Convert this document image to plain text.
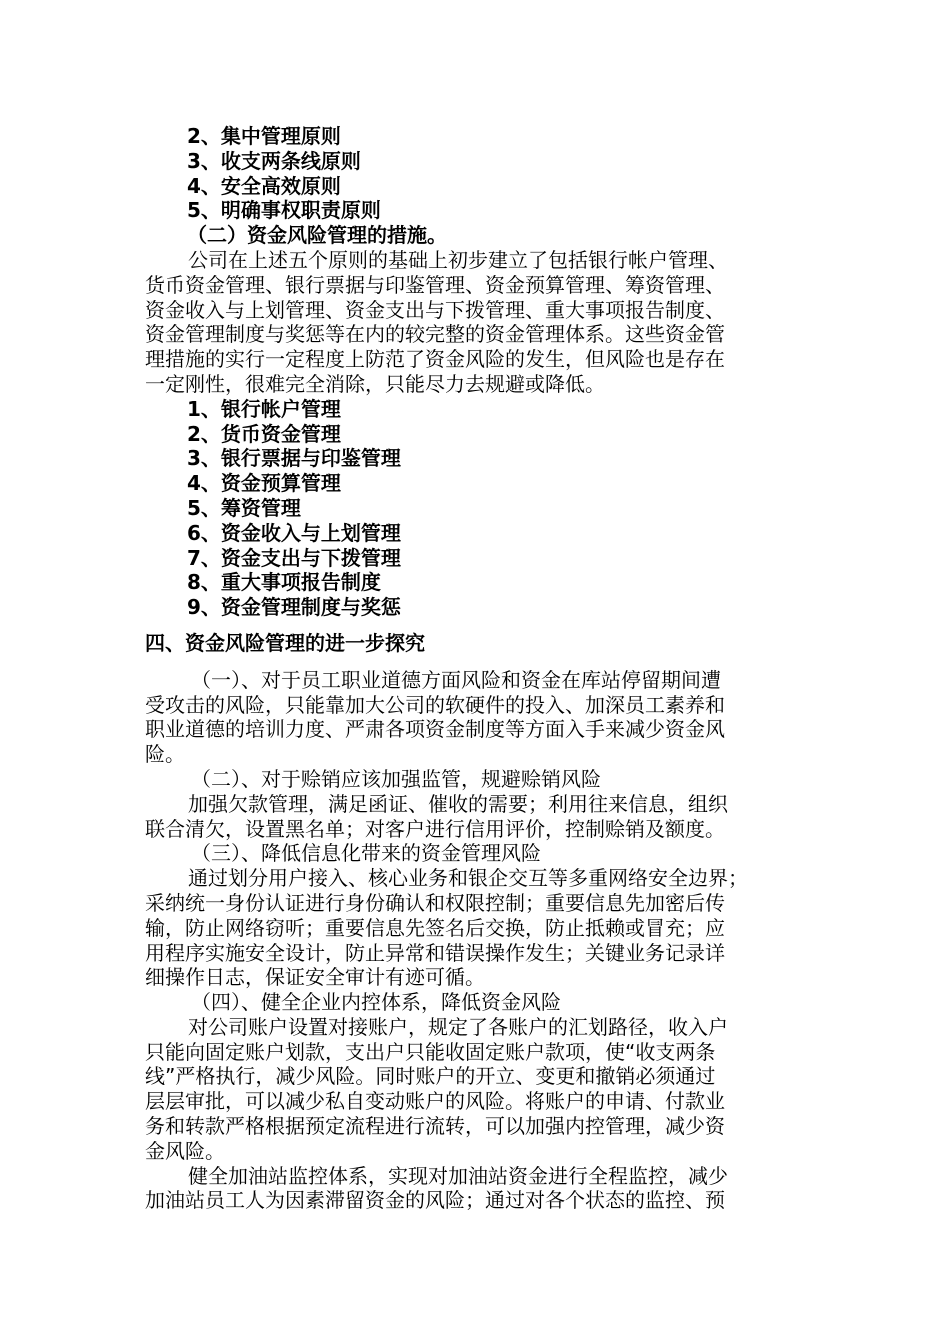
2、集中管理原则
3、收支两条线原则
4、安全高效原则
5、明确事权职责原则
（二）资金风险管理的措施。
公司在上述五个原则的基础上初步建立了包括银行帐户管理、
货币资金管理、银行票据与印鉴管理、资金预算管理、筹资管理、
资金收入与上划管理、资金支出与下拨管理、重大事项报告制度、
资金管理制度与奖惩等在内的较完整的资金管理体系。这些资金管
理措施的实行一定程度上防范了资金风险的发生，但风险也是存在
一定刚性，很难完全消除，只能尽力去规避或降低。
1、银行帐户管理
2、货币资金管理
3、银行票据与印鉴管理
4、资金预算管理
5、筹资管理
6、资金收入与上划管理
7、资金支出与下拨管理
8、重大事项报告制度
9、资金管理制度与奖惩
四、资金风险管理的进一步探究
（一）、对于员工职业道德方面风险和资金在库站停留期间遭
受攻击的风险，只能靠加大公司的软硬件的投入、加深员工素养和
职业道德的培训力度、严肃各项资金制度等方面入手来减少资金风
险。
（二）、对于赊销应该加强监管，规避赊销风险
加强欠款管理，满足函证、催收的需要；利用往来信息，组织
联合清欠，设置黑名单；对客户进行信用评价，控制赊销及额度。
（三）、降低信息化带来的资金管理风险
通过划分用户接入、核心业务和银企交互等多重网络安全边界；
采纳统一身份认证进行身份确认和权限控制；重要信息先加密后传
输，防止网络窃听；重要信息先签名后交换，防止抵赖或冒充；应
用程序实施安全设计，防止异常和错误操作发生；关键业务记录详
细操作日志，保证安全审计有迹可循。
（四）、健全企业内控体系，降低资金风险
对公司账户设置对接账户，规定了各账户的汇划路径，收入户
只能向固定账户划款，支出户只能收固定账户款项，使“收支两条
线”严格执行，减少风险。同时账户的开立、变更和撤销必须通过
层层审批，可以减少私自变动账户的风险。将账户的申请、付款业
务和转款严格根据预定流程进行流转，可以加强内控管理，减少资
金风险。
健全加油站监控体系，实现对加油站资金进行全程监控，减少
加油站员工人为因素滞留资金的风险；通过对各个状态的监控、预
